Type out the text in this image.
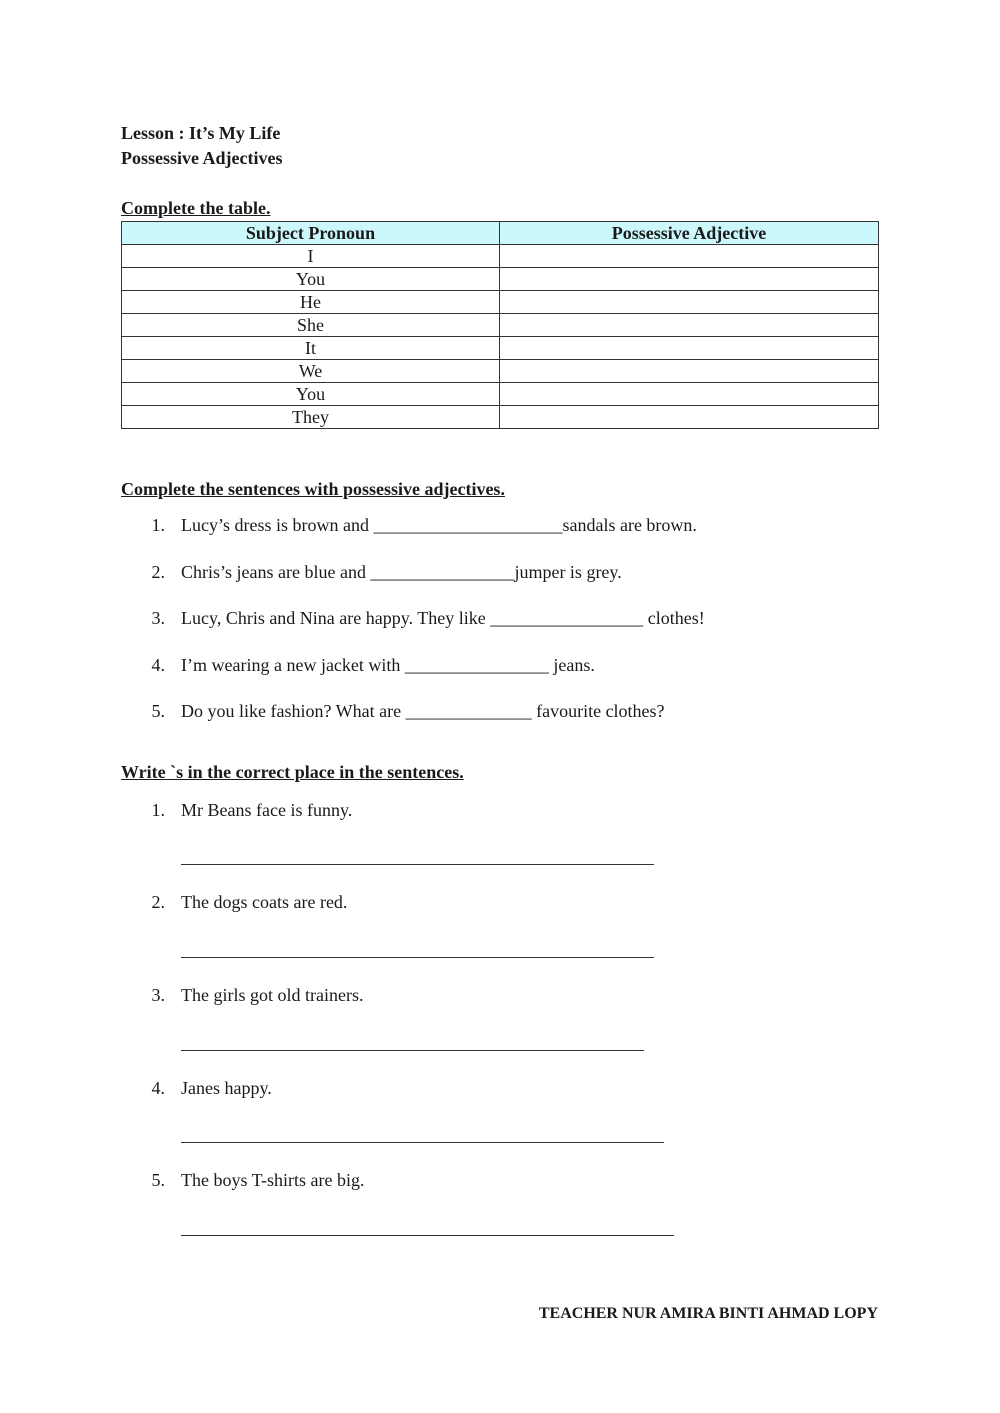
Lesson : It’s My Life
Possessive Adjectives
Complete the table.
Subject Pronoun	Possessive Adjective
I	
You	
He	
She	
It	
We	
You	
They	
Complete the sentences with possessive adjectives.
1. Lucy’s dress is brown and _____________________sandals are brown.
2. Chris’s jeans are blue and ________________jumper is grey.
3. Lucy, Chris and Nina are happy. They like _________________ clothes!
4. I’m wearing a new jacket with ________________ jeans.
5. Do you like fashion? What are ______________ favourite clothes?
Write `s in the correct place in the sentences.
1. Mr Beans face is funny.
2. The dogs coats are red.
3. The girls got old trainers.
4. Janes happy.
5. The boys T-shirts are big.
TEACHER NUR AMIRA BINTI AHMAD LOPY
